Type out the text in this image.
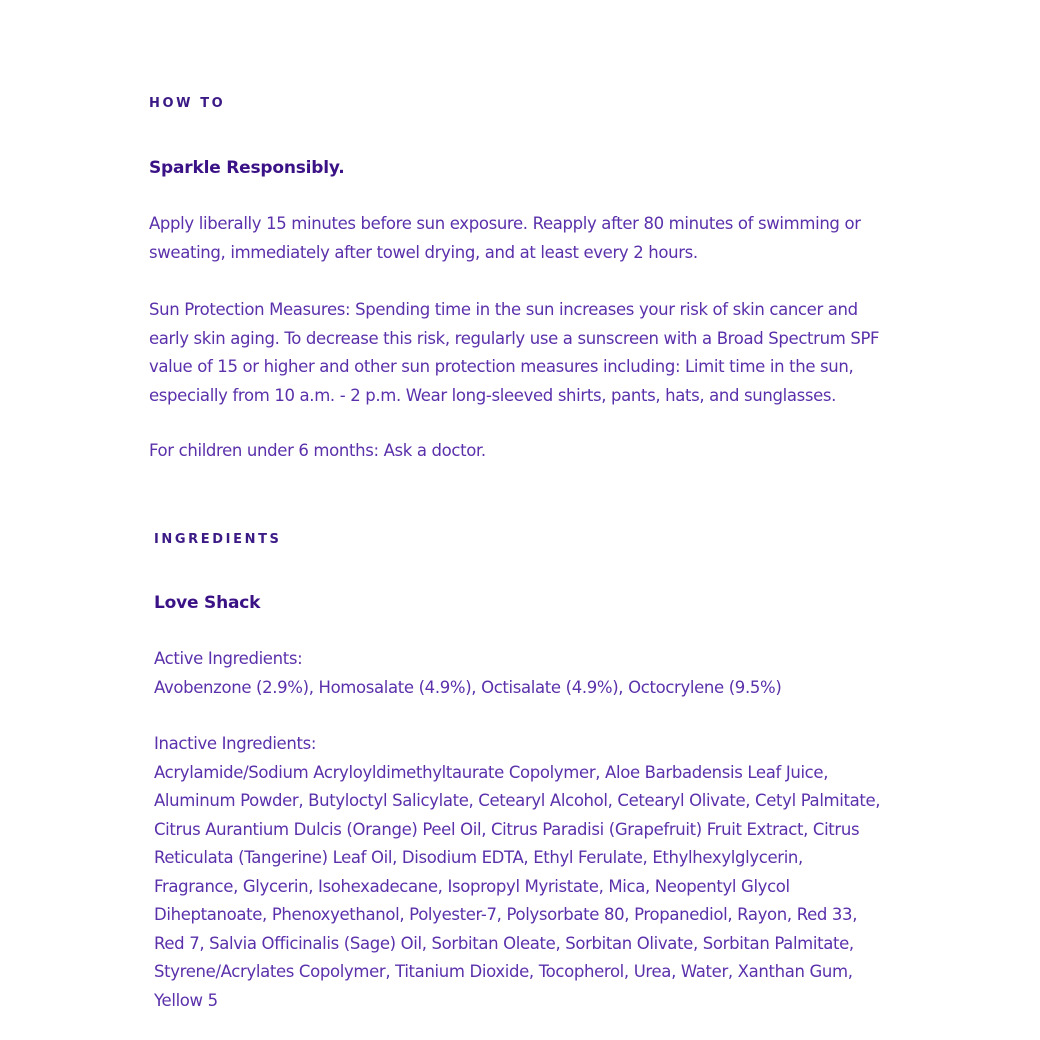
HOW TO

Sparkle Responsibly.

Apply liberally 15 minutes before sun exposure. Reapply after 80 minutes of swimming or
sweating, immediately after towel drying, and at least every 2 hours.

Sun Protection Measures: Spending time in the sun increases your risk of skin cancer and
early skin aging. To decrease this risk, regularly use a sunscreen with a Broad Spectrum SPF
value of 15 or higher and other sun protection measures including: Limit time in the sun,
especially from 10 a.m. - 2 p.m. Wear long-sleeved shirts, pants, hats, and sunglasses.

For children under 6 months: Ask a doctor.

INGREDIENTS

Love Shack

Active Ingredients:
Avobenzone (2.9%), Homosalate (4.9%), Octisalate (4.9%), Octocrylene (9.5%)

Inactive Ingredients:
Acrylamide/Sodium Acryloyldimethyltaurate Copolymer, Aloe Barbadensis Leaf Juice,
Aluminum Powder, Butyloctyl Salicylate, Cetearyl Alcohol, Cetearyl Olivate, Cetyl Palmitate,
Citrus Aurantium Dulcis (Orange) Peel Oil, Citrus Paradisi (Grapefruit) Fruit Extract, Citrus
Reticulata (Tangerine) Leaf Oil, Disodium EDTA, Ethyl Ferulate, Ethylhexylglycerin,
Fragrance, Glycerin, Isohexadecane, Isopropyl Myristate, Mica, Neopentyl Glycol
Diheptanoate, Phenoxyethanol, Polyester-7, Polysorbate 80, Propanediol, Rayon, Red 33,
Red 7, Salvia Officinalis (Sage) Oil, Sorbitan Oleate, Sorbitan Olivate, Sorbitan Palmitate,
Styrene/Acrylates Copolymer, Titanium Dioxide, Tocopherol, Urea, Water, Xanthan Gum,
Yellow 5
